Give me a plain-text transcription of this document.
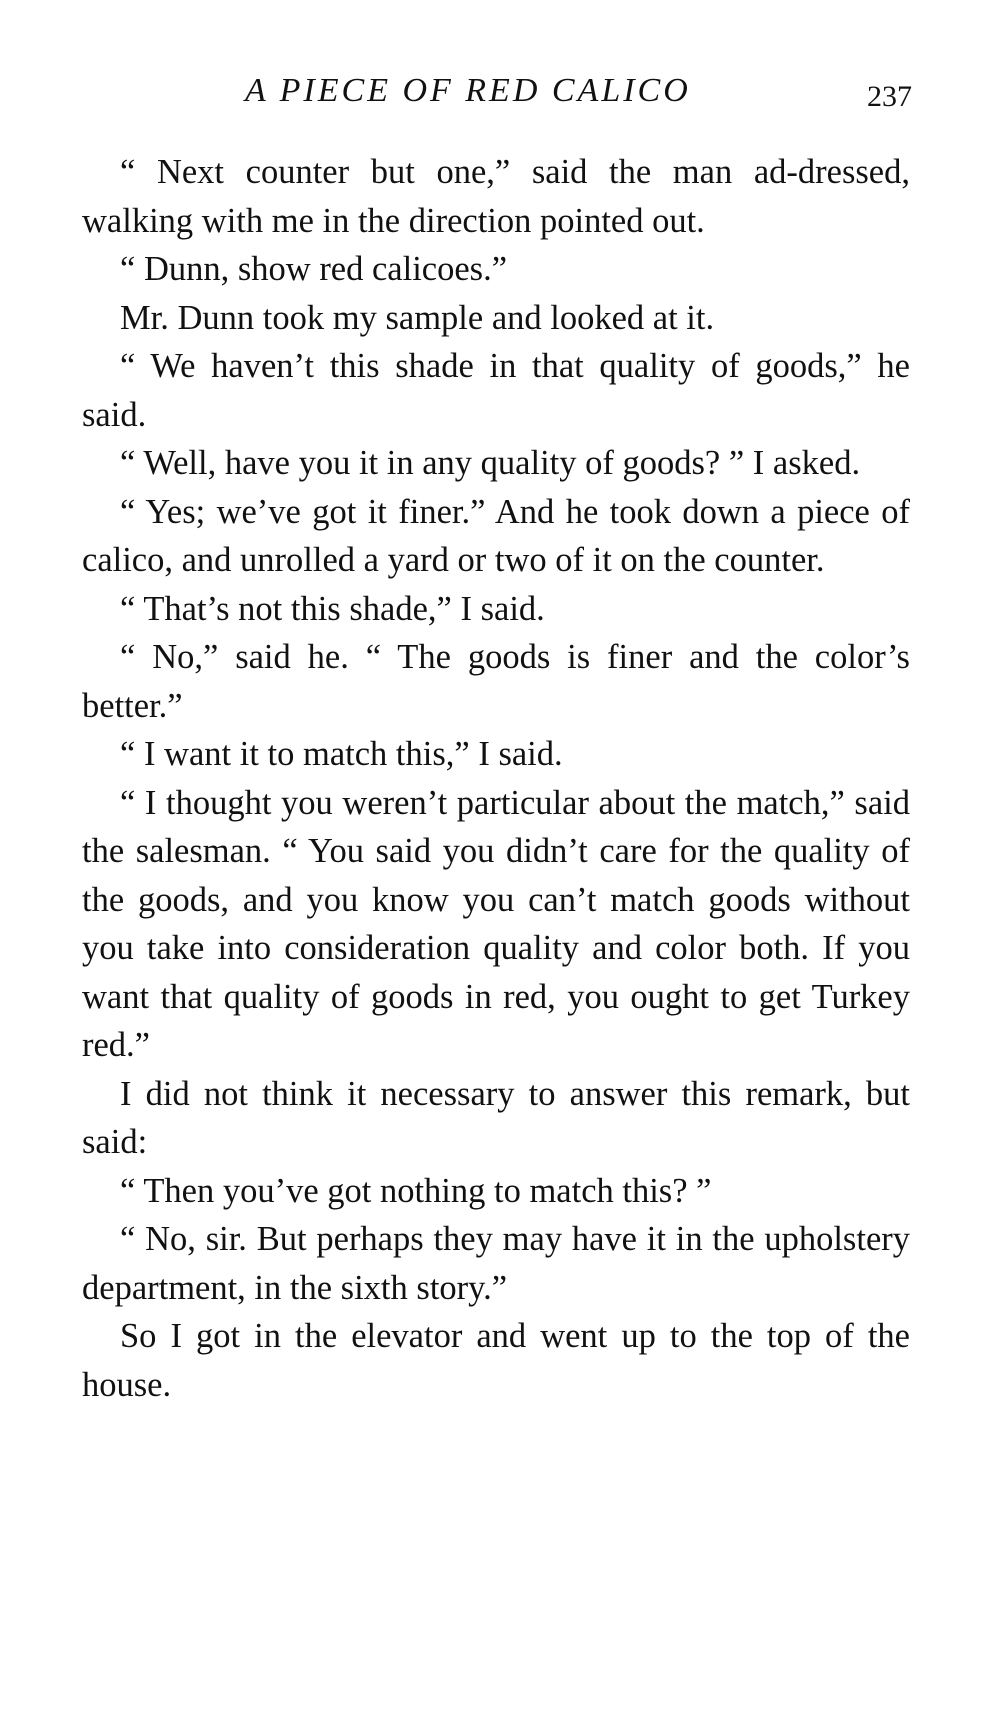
A PIECE OF RED CALICO	237

“ Next counter but one,” said the man ad-dressed, walking with me in the direction pointed out.

“ Dunn, show red calicoes.”

Mr. Dunn took my sample and looked at it.

“ We haven’t this shade in that quality of goods,” he said.

“ Well, have you it in any quality of goods? ” I asked.

“ Yes; we’ve got it finer.” And he took down a piece of calico, and unrolled a yard or two of it on the counter.

“ That’s not this shade,” I said.

“ No,” said he. “ The goods is finer and the color’s better.”

“ I want it to match this,” I said.

“ I thought you weren’t particular about the match,” said the salesman. “ You said you didn’t care for the quality of the goods, and you know you can’t match goods without you take into consideration quality and color both. If you want that quality of goods in red, you ought to get Turkey red.”

I did not think it necessary to answer this remark, but said:

“ Then you’ve got nothing to match this? ”

“ No, sir. But perhaps they may have it in the upholstery department, in the sixth story.”

So I got in the elevator and went up to the top of the house.
